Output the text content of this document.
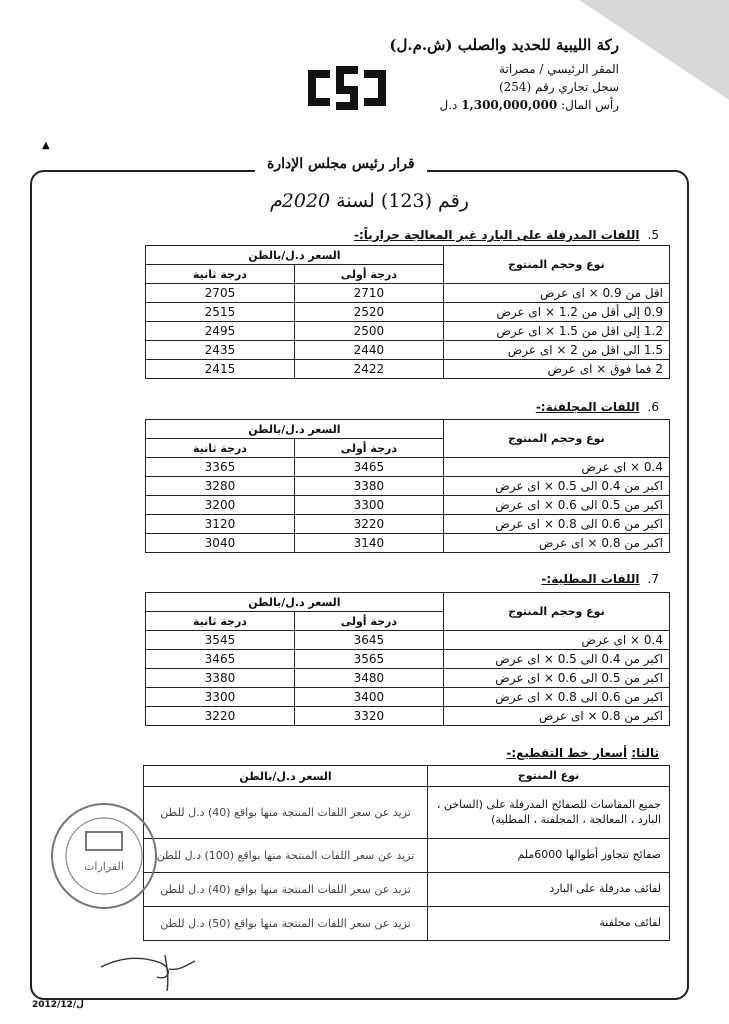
ركة الليبية للحديد والصلب (ش.م.ل)
المقر الرئيسي / مصراتة
سجل تجاري رقم (254)
رأس المال: 1,300,000,000 د.ل
▲
قرار رئيس مجلس الإدارة
رقم (123) لسنة 2020م
5.اللفات المدرفلة على البارد غير المعالجة حرارياً:-
نوع وحجم المنتوج	السعر د.ل/بالطن	
	درجة أولى	درجة ثانية
اقل من 0.9 × اى عرض	2710	2705
0.9 إلى أقل من 1.2 × اى عرض	2520	2515
1.2 إلى اقل من 1.5 × اى عرض	2500	2495
1.5 الى اقل من 2 × اى عرض	2440	2435
2 فما فوق × اى عرض	2422	2415
6.اللفات المجلفنة:-
نوع وحجم المنتوج	السعر د.ل/بالطن	
	درجة أولى	درجة ثانية
0.4 × اى عرض	3465	3365
اكبر من 0.4 الى 0.5 × اى عرض	3380	3280
اكبر من 0.5 الى 0.6 × اى عرض	3300	3200
اكبر من 0.6 الى 0.8 × اى عرض	3220	3120
اكبر من 0.8 × اى عرض	3140	3040
7.اللفات المطلية:-
نوع وحجم المنتوج	السعر د.ل/بالطن	
	درجة أولى	درجة ثانية
0.4 × اى عرض	3645	3545
اكبر من 0.4 الى 0.5 × اى عرض	3565	3465
اكبر من 0.5 الى 0.6 × اى عرض	3480	3380
اكبر من 0.6 الى 0.8 × اى عرض	3400	3300
اكبر من 0.8 × اى عرض	3320	3220
ثالثا: أسعار خط التقطيع:-
نوع المنتوج	السعر د.ل/بالطن
جميع المقاسات للصفائح المدرفلة على (الساخن ، البارد ، المعالجة ، المجلفنة ، المطلية)	تزيد عن سعر اللفات المنتجة منها بواقع (40) د.ل للطن
صفائح تتجاوز أطوالها 6000ملم	تزيد عن سعر اللفات المنتجة منها بواقع (100) د.ل للطن
لفائف مدرفلة على البارد	تزيد عن سعر اللفات المنتجة منها بواقع (40) د.ل للطن
لفائف مجلفنة	تزيد عن سعر اللفات المنتجة منها بواقع (50) د.ل للطن
القرارات
2012/12/ل
